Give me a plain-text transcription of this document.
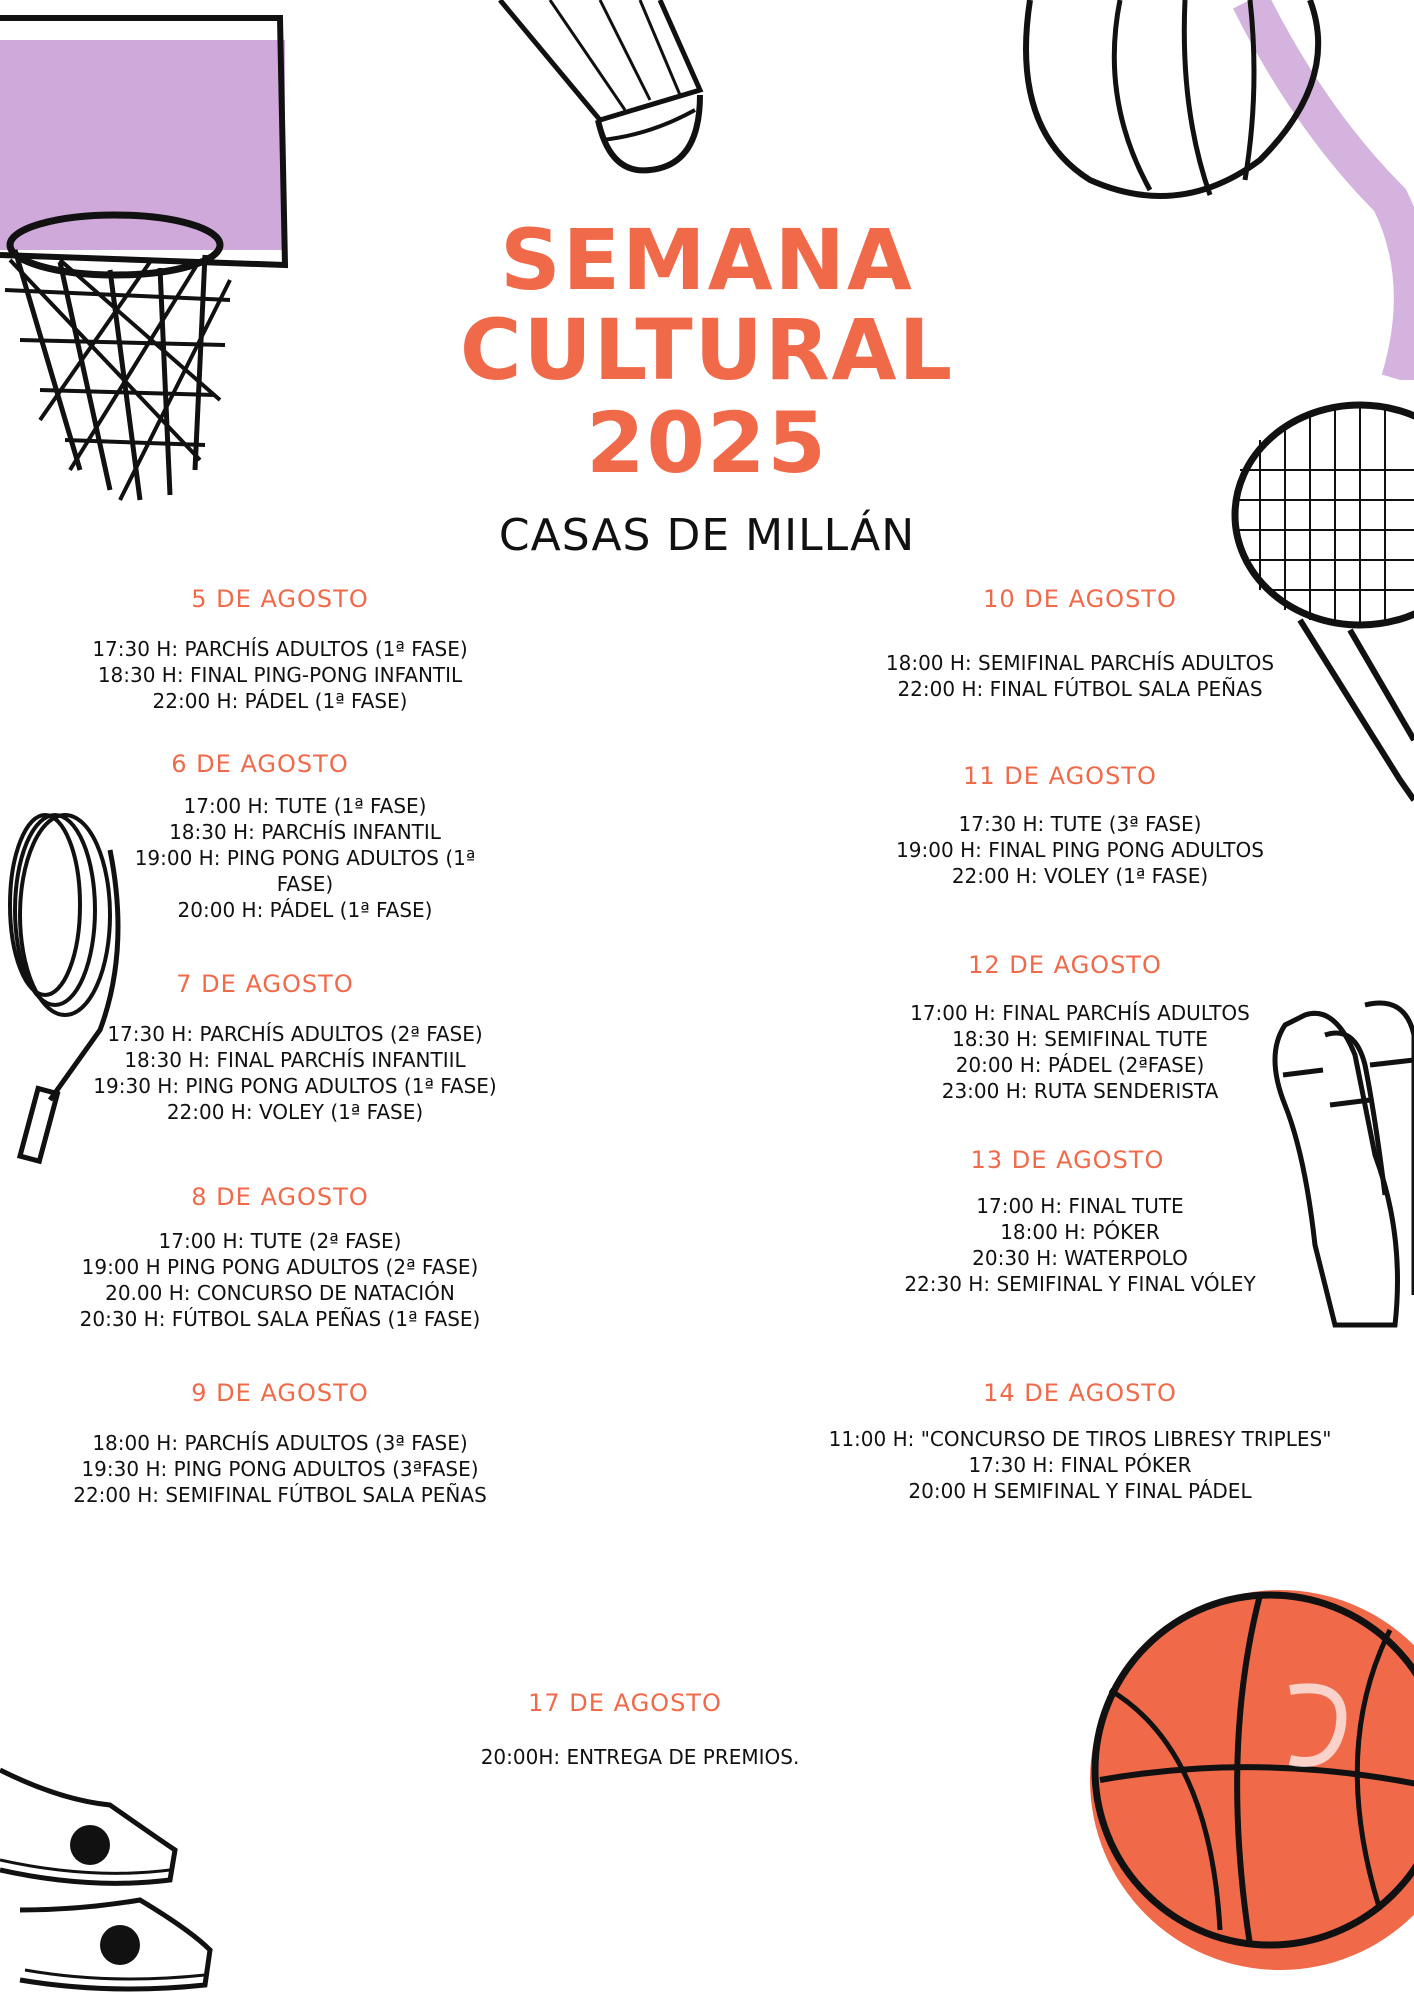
SEMANA
CULTURAL
2025
CASAS DE MILLÁN
5 DE AGOSTO
17:30 H: PARCHÍS ADULTOS (1ª FASE)
18:30 H: FINAL PING-PONG INFANTIL
22:00 H: PÁDEL (1ª FASE)
6 DE AGOSTO
17:00 H: TUTE (1ª FASE)
18:30 H: PARCHÍS INFANTIL
19:00 H: PING PONG ADULTOS (1ª
FASE)
20:00 H: PÁDEL (1ª FASE)
7 DE AGOSTO
17:30 H: PARCHÍS ADULTOS (2ª FASE)
18:30 H: FINAL PARCHÍS INFANTIIL
19:30 H: PING PONG ADULTOS (1ª FASE)
22:00 H: VOLEY (1ª FASE)
8 DE AGOSTO
17:00 H: TUTE (2ª FASE)
19:00 H PING PONG ADULTOS (2ª FASE)
20.00 H: CONCURSO DE NATACIÓN
20:30 H: FÚTBOL SALA PEÑAS (1ª FASE)
9 DE AGOSTO
18:00 H: PARCHÍS ADULTOS (3ª FASE)
19:30 H: PING PONG ADULTOS (3ªFASE)
22:00 H: SEMIFINAL FÚTBOL SALA PEÑAS
10 DE AGOSTO
18:00 H: SEMIFINAL PARCHÍS ADULTOS
22:00 H: FINAL FÚTBOL SALA PEÑAS
11 DE AGOSTO
17:30 H: TUTE (3ª FASE)
19:00 H: FINAL PING PONG ADULTOS
22:00 H: VOLEY (1ª FASE)
12 DE AGOSTO
17:00 H: FINAL PARCHÍS ADULTOS
18:30 H: SEMIFINAL TUTE
20:00 H: PÁDEL (2ªFASE)
23:00 H: RUTA SENDERISTA
13 DE AGOSTO
17:00 H: FINAL TUTE
18:00 H: PÓKER
20:30 H: WATERPOLO
22:30 H: SEMIFINAL Y FINAL VÓLEY
14 DE AGOSTO
11:00 H: "CONCURSO DE TIROS LIBRESY TRIPLES"
17:30 H: FINAL PÓKER
20:00 H SEMIFINAL Y FINAL PÁDEL
17 DE AGOSTO
20:00H: ENTREGA DE PREMIOS.
